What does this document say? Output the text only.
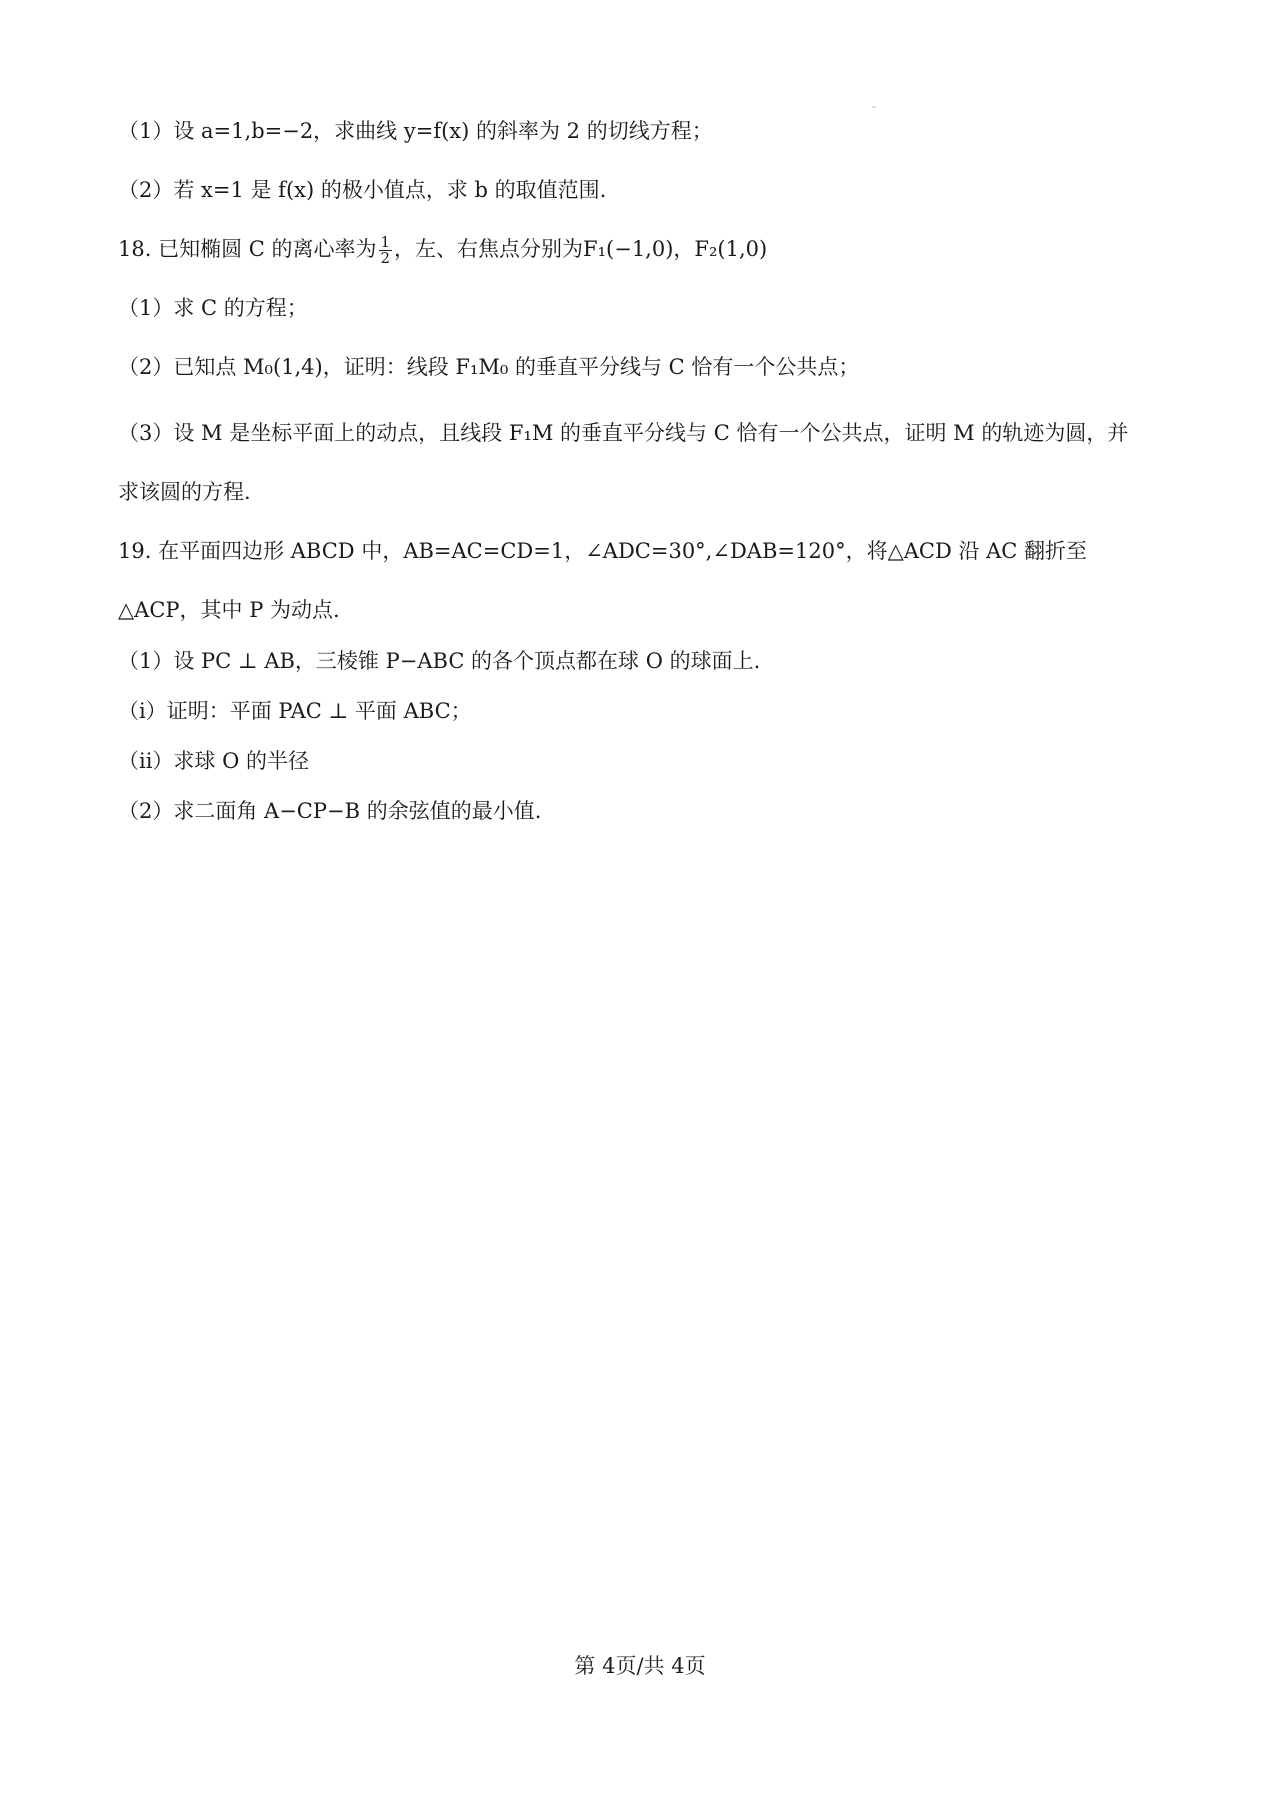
（1）设 a=1,b=−2，求曲线 y=f(x) 的斜率为 2 的切线方程；
（2）若 x=1 是 f(x) 的极小值点，求 b 的取值范围.
18. 已知椭圆 C 的离心率为 $\frac{1}{2}$ ，左、右焦点分别为F₁(−1,0)，F₂(1,0)
（1）求 C 的方程；
（2）已知点 M₀(1,4)，证明：线段 F₁M₀ 的垂直平分线与 C 恰有一个公共点；
（3）设 M 是坐标平面上的动点，且线段 F₁M 的垂直平分线与 C 恰有一个公共点，证明 M 的轨迹为圆，并
求该圆的方程.
19. 在平面四边形 ABCD 中，AB=AC=CD=1，∠ADC=30°,∠DAB=120°，将△ACD 沿 AC 翻折至
△ACP，其中 P 为动点.
（1）设 PC ⊥ AB，三棱锥 P−ABC 的各个顶点都在球 O 的球面上.
（i）证明：平面 PAC ⊥ 平面 ABC；
（ii）求球 O 的半径
（2）求二面角 A−CP−B 的余弦值的最小值.
第 4页/共 4页
